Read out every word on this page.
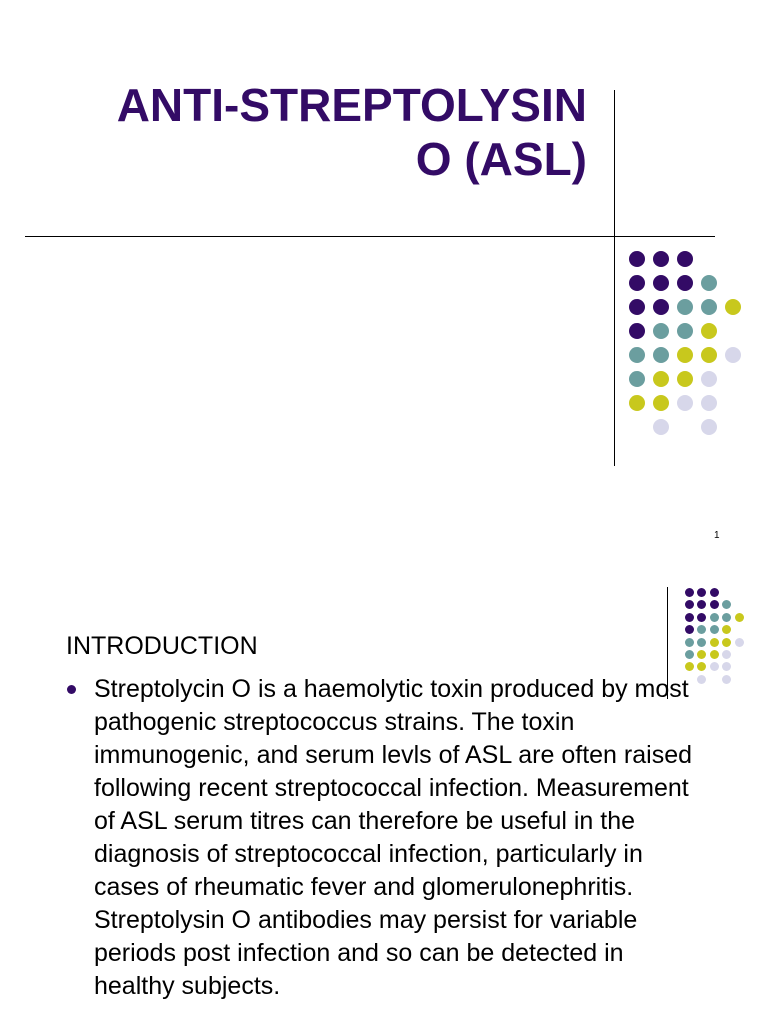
ANTI-STREPTOLYSIN
O (ASL)
1
INTRODUCTION
Streptolycin O is a haemolytic toxin produced by most pathogenic streptococcus strains. The toxin immunogenic, and serum levls of ASL are often raised following recent streptococcal infection. Measurement of ASL serum titres can therefore be useful in the diagnosis of streptococcal infection, particularly in cases of rheumatic fever and glomerulonephritis. Streptolysin O antibodies may persist for variable periods post infection and so can be detected in healthy subjects.
